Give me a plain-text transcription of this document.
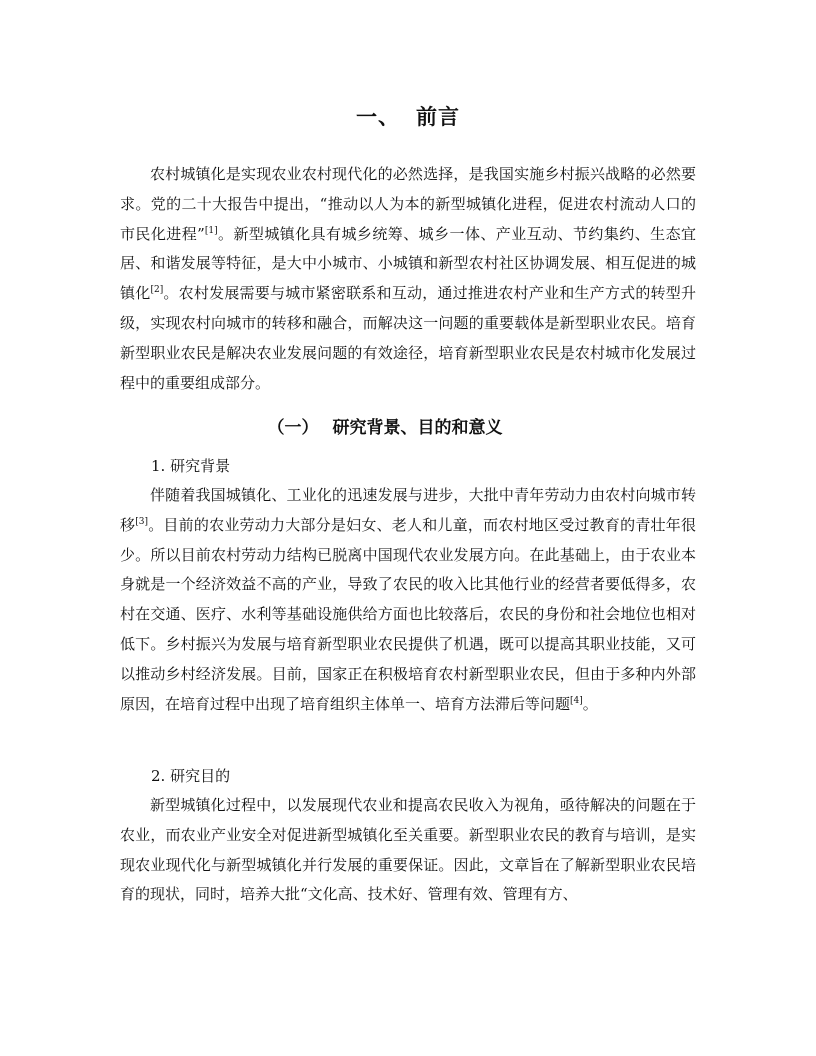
一、 前言

农村城镇化是实现农业农村现代化的必然选择，是我国实施乡村振兴战略的必然要求。党的二十大报告中提出，“推动以人为本的新型城镇化进程，促进农村流动人口的市民化进程”[1]。新型城镇化具有城乡统筹、城乡一体、产业互动、节约集约、生态宜居、和谐发展等特征，是大中小城市、小城镇和新型农村社区协调发展、相互促进的城镇化[2]。农村发展需要与城市紧密联系和互动，通过推进农村产业和生产方式的转型升级，实现农村向城市的转移和融合，而解决这一问题的重要载体是新型职业农民。培育新型职业农民是解决农业发展问题的有效途径，培育新型职业农民是农村城市化发展过程中的重要组成部分。

（一） 研究背景、目的和意义
1. 研究背景

伴随着我国城镇化、工业化的迅速发展与进步，大批中青年劳动力由农村向城市转移[3]。目前的农业劳动力大部分是妇女、老人和儿童，而农村地区受过教育的青壮年很少。所以目前农村劳动力结构已脱离中国现代农业发展方向。在此基础上，由于农业本身就是一个经济效益不高的产业，导致了农民的收入比其他行业的经营者要低得多，农村在交通、医疗、水利等基础设施供给方面也比较落后，农民的身份和社会地位也相对低下。乡村振兴为发展与培育新型职业农民提供了机遇，既可以提高其职业技能，又可以推动乡村经济发展。目前，国家正在积极培育农村新型职业农民，但由于多种内外部原因，在培育过程中出现了培育组织主体单一、培育方法滞后等问题[4]。

2. 研究目的

新型城镇化过程中，以发展现代农业和提高农民收入为视角，亟待解决的问题在于农业，而农业产业安全对促进新型城镇化至关重要。新型职业农民的教育与培训，是实现农业现代化与新型城镇化并行发展的重要保证。因此，文章旨在了解新型职业农民培育的现状，同时，培养大批“文化高、技术好、管理有效、管理有方、
